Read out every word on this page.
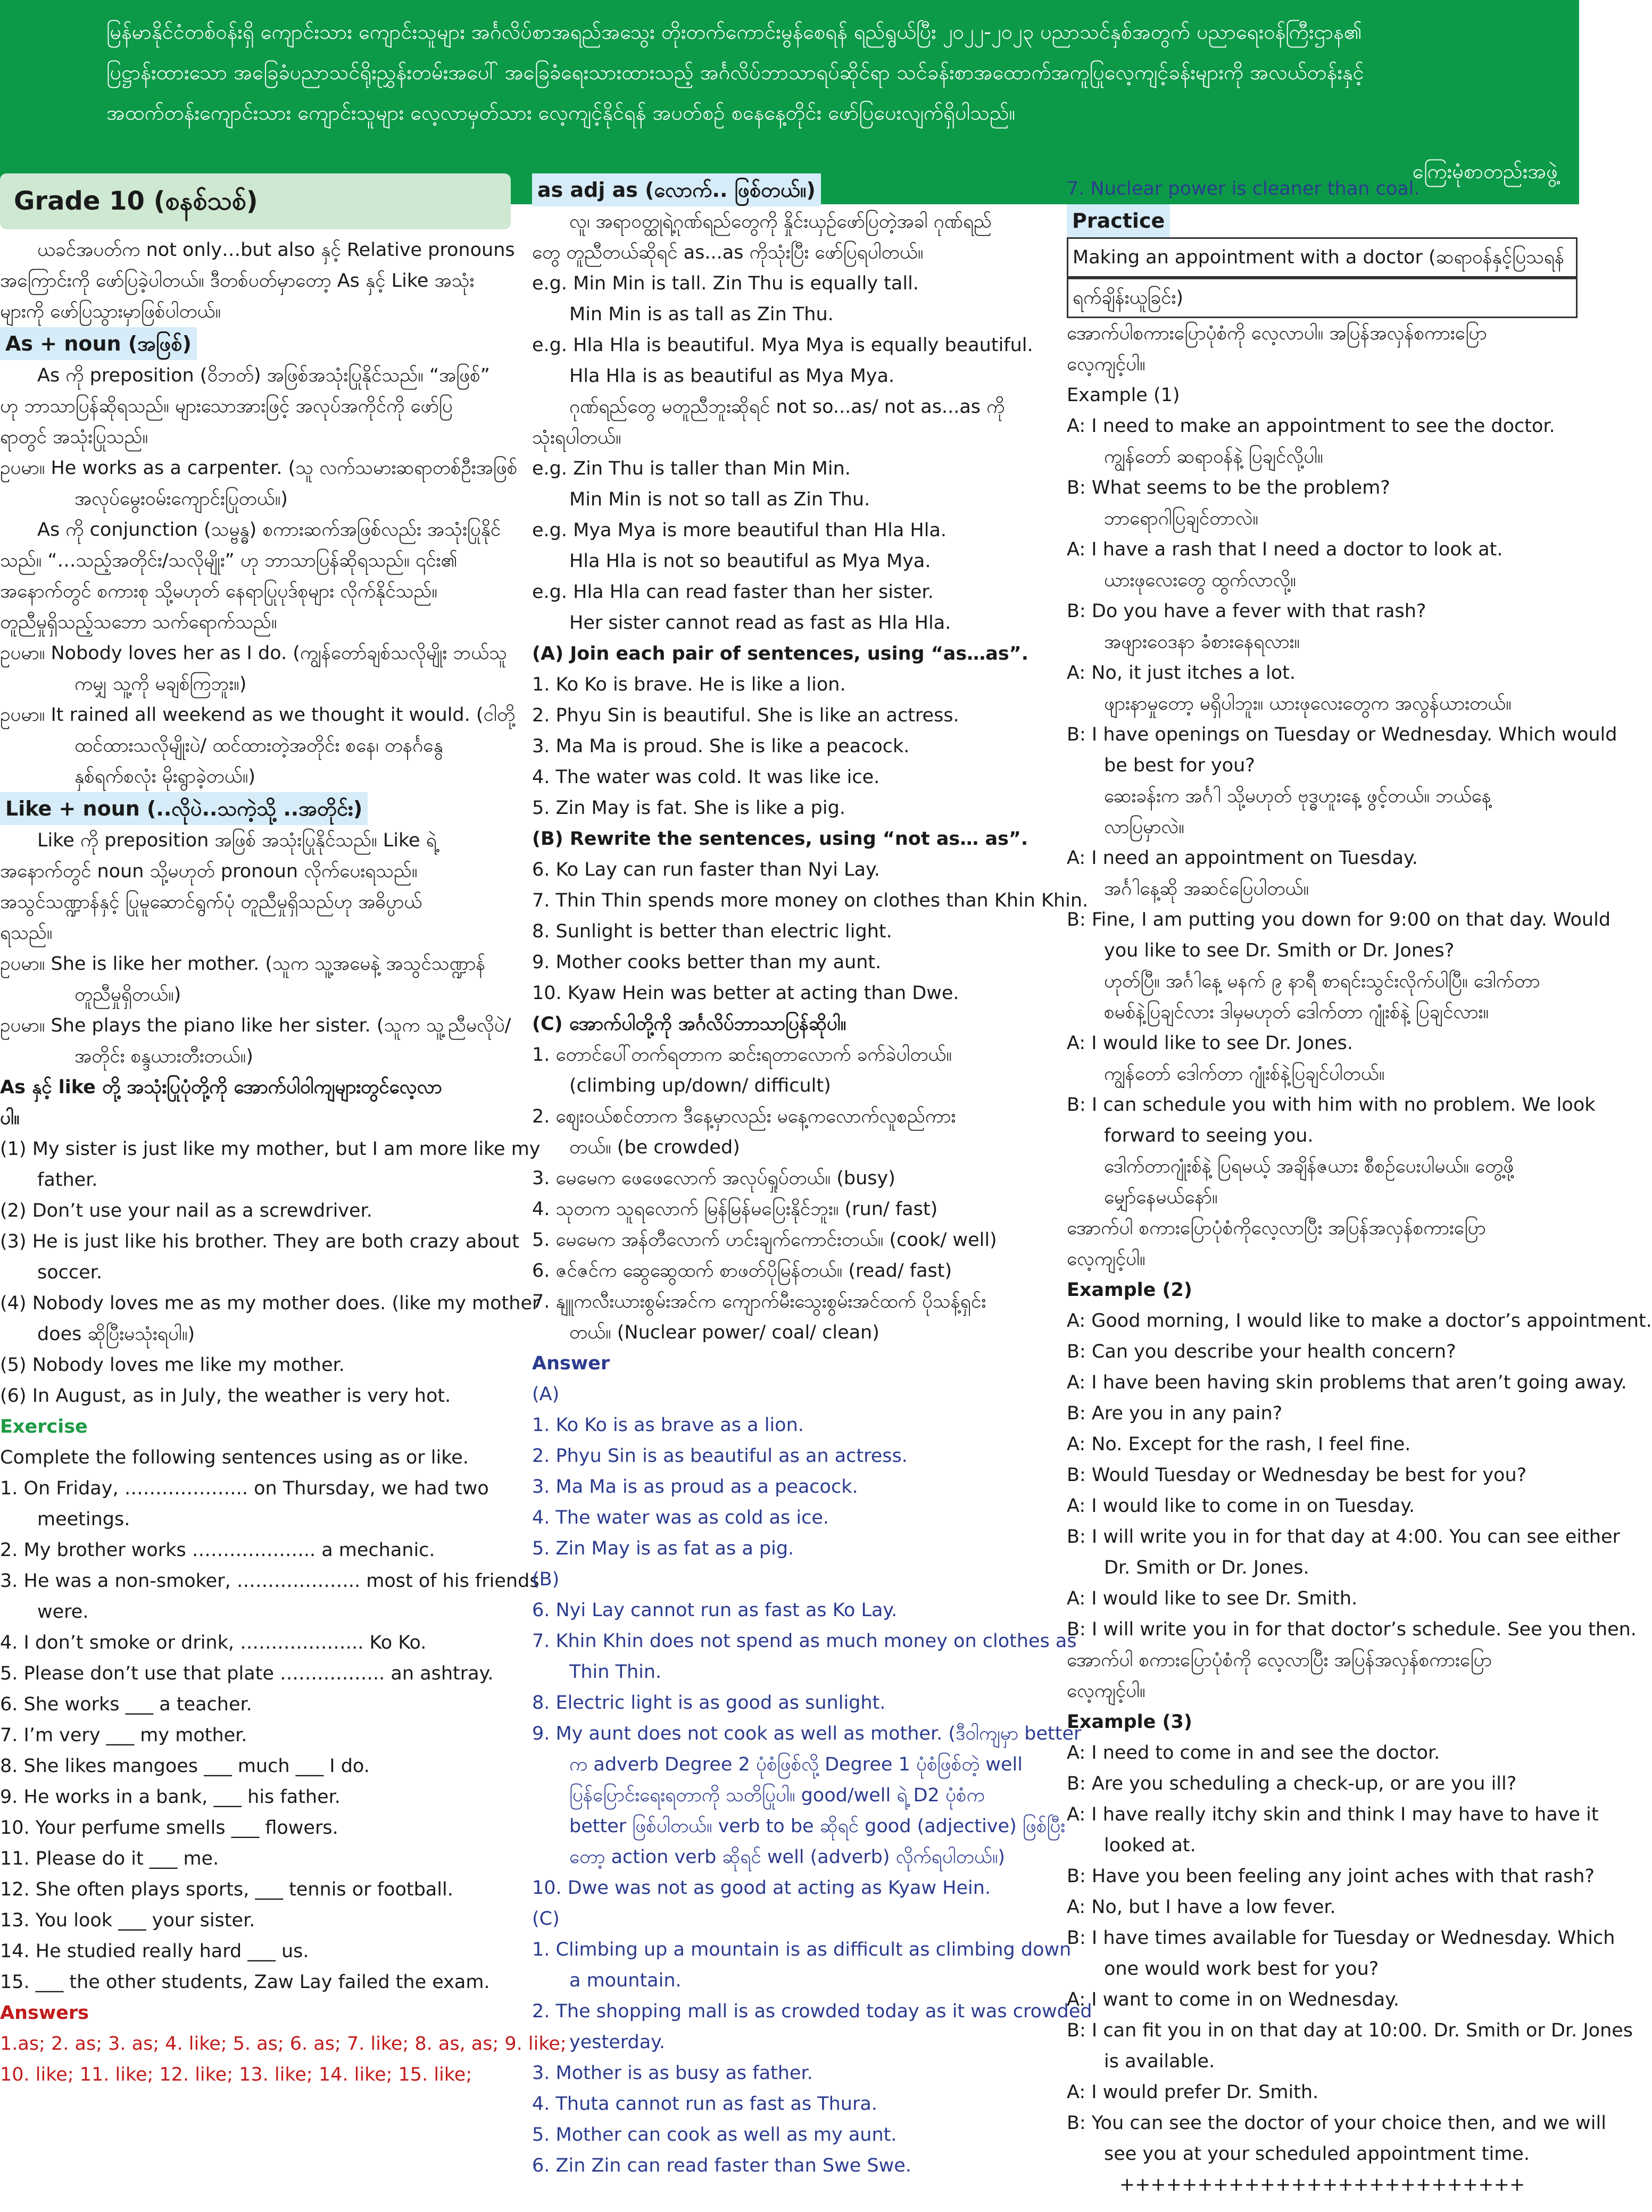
မြန်မာနိုင်ငံတစ်ဝန်းရှိ ကျောင်းသား ကျောင်းသူများ အင်္ဂလိပ်စာအရည်အသွေး တိုးတက်ကောင်းမွန်စေရန် ရည်ရွယ်ပြီး ၂၀၂၂-၂၀၂၃ ပညာသင်နှစ်အတွက် ပညာရေးဝန်ကြီးဌာန၏
ပြဋ္ဌာန်းထားသော အခြေခံပညာသင်ရိုးညွှန်းတမ်းအပေါ် အခြေခံရေးသားထားသည့် အင်္ဂလိပ်ဘာသာရပ်ဆိုင်ရာ သင်ခန်းစာအထောက်အကူပြုလေ့ကျင့်ခန်းများကို အလယ်တန်းနှင့်
အထက်တန်းကျောင်းသား ကျောင်းသူများ လေ့လာမှတ်သား လေ့ကျင့်နိုင်ရန် အပတ်စဉ် စနေနေ့တိုင်း ဖော်ပြပေးလျက်ရှိပါသည်။

ကြေးမုံစာတည်းအဖွဲ့
Grade 10 (စနစ်သစ်)
ယခင်အပတ်က not only…but also နှင့် Relative pronouns
အကြောင်းကို ဖော်ပြခဲ့ပါတယ်။ ဒီတစ်ပတ်မှာတော့ As နှင့် Like အသုံး
များကို ဖော်ပြသွားမှာဖြစ်ပါတယ်။
As + noun (အဖြစ်)
As ကို preposition (ဝိဘတ်) အဖြစ်အသုံးပြုနိုင်သည်။ “အဖြစ်”
ဟု ဘာသာပြန်ဆိုရသည်။ များသောအားဖြင့် အလုပ်အကိုင်ကို ဖော်ပြ
ရာတွင် အသုံးပြုသည်။
ဥပမာ။ He works as a carpenter. (သူ လက်သမားဆရာတစ်ဦးအဖြစ်
အလုပ်မွေးဝမ်းကျောင်းပြုတယ်။)
As ကို conjunction (သမ္ဗန္ဓ) စကားဆက်အဖြစ်လည်း အသုံးပြုနိုင်
သည်။ “…သည့်အတိုင်း/သလိုမျိုး” ဟု ဘာသာပြန်ဆိုရသည်။ ၎င်း၏
အနောက်တွင် စကားစု သို့မဟုတ် နေရာပြုပုဒ်စုများ လိုက်နိုင်သည်။
တူညီမှုရှိသည့်သဘော သက်ရောက်သည်။
ဥပမာ။ Nobody loves her as I do. (ကျွန်တော်ချစ်သလိုမျိုး ဘယ်သူ
ကမျှ သူ့ကို မချစ်ကြဘူး။)
ဥပမာ။ It rained all weekend as we thought it would. (ငါတို့
ထင်ထားသလိုမျိုးပဲ/ ထင်ထားတဲ့အတိုင်း စနေ၊ တနင်္ဂနွေ
နှစ်ရက်စလုံး မိုးရွာခဲ့တယ်။)
Like + noun (..လိုပဲ..သကဲ့သို့ ..အတိုင်း)
Like ကို preposition အဖြစ် အသုံးပြုနိုင်သည်။ Like ရဲ့
အနောက်တွင် noun သို့မဟုတ် pronoun လိုက်ပေးရသည်။
အသွင်သဏ္ဍာန်နှင့် ပြုမူဆောင်ရွက်ပုံ တူညီမှုရှိသည်ဟု အဓိပ္ပာယ်
ရသည်။
ဥပမာ။ She is like her mother. (သူက သူ့အမေနဲ့ အသွင်သဏ္ဍာန်
တူညီမှုရှိတယ်။)
ဥပမာ။ She plays the piano like her sister. (သူက သူ့ညီမလိုပဲ/
အတိုင်း စန္ဒယားတီးတယ်။)
As နှင့် like တို့ အသုံးပြုပုံတို့ကို အောက်ပါဝါကျများတွင်လေ့လာ
ပါ။
(1) My sister is just like my mother, but I am more like my
father.
(2) Don’t use your nail as a screwdriver.
(3) He is just like his brother. They are both crazy about
soccer.
(4) Nobody loves me as my mother does. (like my mother
does ဆိုပြီးမသုံးရပါ။)
(5) Nobody loves me like my mother.
(6) In August, as in July, the weather is very hot.
Exercise
Complete the following sentences using as or like.
1. On Friday, ……………….. on Thursday, we had two
meetings.
2. My brother works ……………….. a mechanic.
3. He was a non-smoker, ……………….. most of his friends
were.
4. I don’t smoke or drink, ……………….. Ko Ko.
5. Please don’t use that plate …………….. an ashtray.
6. She works ___ a teacher.
7. I’m very ___ my mother.
8. She likes mangoes ___ much ___ I do.
9. He works in a bank, ___ his father.
10. Your perfume smells ___ flowers.
11. Please do it ___ me.
12. She often plays sports, ___ tennis or football.
13. You look ___ your sister.
14. He studied really hard ___ us.
15. ___ the other students, Zaw Lay failed the exam.
Answers
1.as; 2. as; 3. as; 4. like; 5. as; 6. as; 7. like; 8. as, as; 9. like;
10. like; 11. like; 12. like; 13. like; 14. like; 15. like;
as adj as (လောက်.. ဖြစ်တယ်။)
လူ၊ အရာဝတ္ထုရဲ့ဂုဏ်ရည်တွေကို နှိုင်းယှဉ်ဖော်ပြတဲ့အခါ ဂုဏ်ရည်
တွေ တူညီတယ်ဆိုရင် as...as ကိုသုံးပြီး ဖော်ပြရပါတယ်။
e.g. Min Min is tall. Zin Thu is equally tall.
Min Min is as tall as Zin Thu.
e.g. Hla Hla is beautiful. Mya Mya is equally beautiful.
Hla Hla is as beautiful as Mya Mya.
ဂုဏ်ရည်တွေ မတူညီဘူးဆိုရင် not so...as/ not as...as ကို
သုံးရပါတယ်။
e.g. Zin Thu is taller than Min Min.
Min Min is not so tall as Zin Thu.
e.g. Mya Mya is more beautiful than Hla Hla.
Hla Hla is not so beautiful as Mya Mya.
e.g. Hla Hla can read faster than her sister.
Her sister cannot read as fast as Hla Hla.
(A) Join each pair of sentences, using “as…as”.
1. Ko Ko is brave. He is like a lion.
2. Phyu Sin is beautiful. She is like an actress.
3. Ma Ma is proud. She is like a peacock.
4. The water was cold. It was like ice.
5. Zin May is fat. She is like a pig.
(B) Rewrite the sentences, using “not as… as”.
6. Ko Lay can run faster than Nyi Lay.
7. Thin Thin spends more money on clothes than Khin Khin.
8. Sunlight is better than electric light.
9. Mother cooks better than my aunt.
10. Kyaw Hein was better at acting than Dwe.
(C) အောက်ပါတို့ကို အင်္ဂလိပ်ဘာသာပြန်ဆိုပါ။
1. တောင်ပေါ်တက်ရတာက ဆင်းရတာလောက် ခက်ခဲပါတယ်။
(climbing up/down/ difficult)
2. စျေးဝယ်စင်တာက ဒီနေ့မှာလည်း မနေ့ကလောက်လူစည်ကား
တယ်။ (be crowded)
3. မေမေက ဖေဖေလောက် အလုပ်ရှုပ်တယ်။ (busy)
4. သုတက သူရလောက် မြန်မြန်မပြေးနိုင်ဘူး။ (run/ fast)
5. မေမေက အန်တီလောက် ဟင်းချက်ကောင်းတယ်။ (cook/ well)
6. ဇင်ဇင်က ဆွေဆွေထက် စာဖတ်ပိုမြန်တယ်။ (read/ fast)
7. နျူကလီးယားစွမ်းအင်က ကျောက်မီးသွေးစွမ်းအင်ထက် ပိုသန့်ရှင်း
တယ်။ (Nuclear power/ coal/ clean)
Answer
(A)
1. Ko Ko is as brave as a lion.
2. Phyu Sin is as beautiful as an actress.
3. Ma Ma is as proud as a peacock.
4. The water was as cold as ice.
5. Zin May is as fat as a pig.
(B)
6. Nyi Lay cannot run as fast as Ko Lay.
7. Khin Khin does not spend as much money on clothes as
Thin Thin.
8. Electric light is as good as sunlight.
9. My aunt does not cook as well as mother. (ဒီဝါကျမှာ better
က adverb Degree 2 ပုံစံဖြစ်လို့ Degree 1 ပုံစံဖြစ်တဲ့ well
ပြန်ပြောင်းရေးရတာကို သတိပြုပါ။ good/well ရဲ့ D2 ပုံစံက
better ဖြစ်ပါတယ်။ verb to be ဆိုရင် good (adjective) ဖြစ်ပြီး
တော့ action verb ဆိုရင် well (adverb) လိုက်ရပါတယ်။)
10. Dwe was not as good at acting as Kyaw Hein.
(C)
1. Climbing up a mountain is as difficult as climbing down
a mountain.
2. The shopping mall is as crowded today as it was crowded
yesterday.
3. Mother is as busy as father.
4. Thuta cannot run as fast as Thura.
5. Mother can cook as well as my aunt.
6. Zin Zin can read faster than Swe Swe.
7. Nuclear power is cleaner than coal.
Practice
Making an appointment with a doctor (ဆရာဝန်နှင့်ပြသရန်
ရက်ချိန်းယူခြင်း)
အောက်ပါစကားပြောပုံစံကို လေ့လာပါ။ အပြန်အလှန်စကားပြော
လေ့ကျင့်ပါ။
Example (1)
A: I need to make an appointment to see the doctor.
ကျွန်တော် ဆရာဝန်နဲ့ ပြချင်လို့ပါ။
B: What seems to be the problem?
ဘာရောဂါပြချင်တာလဲ။
A: I have a rash that I need a doctor to look at.
ယားဖုလေးတွေ ထွက်လာလို့။
B: Do you have a fever with that rash?
အဖျားဝေဒနာ ခံစားနေရလား။
A: No, it just itches a lot.
ဖျားနာမှုတော့ မရှိပါဘူး။ ယားဖုလေးတွေက အလွန်ယားတယ်။
B: I have openings on Tuesday or Wednesday. Which would
be best for you?
ဆေးခန်းက အင်္ဂါ သို့မဟုတ် ဗုဒ္ဓဟူးနေ့ ဖွင့်တယ်။ ဘယ်နေ့
လာပြမှာလဲ။
A: I need an appointment on Tuesday.
အင်္ဂါနေ့ဆို အဆင်ပြေပါတယ်။
B: Fine, I am putting you down for 9:00 on that day. Would
you like to see Dr. Smith or Dr. Jones?
ဟုတ်ပြီ။ အင်္ဂါနေ့ မနက် ၉ နာရီ စာရင်းသွင်းလိုက်ပါပြီ။ ဒေါက်တာ
စမစ်နဲ့ပြချင်လား ဒါမှမဟုတ် ဒေါက်တာ ဂျုံးစ်နဲ့ ပြချင်လား။
A: I would like to see Dr. Jones.
ကျွန်တော် ဒေါက်တာ ဂျုံးစ်နဲ့ပြချင်ပါတယ်။
B: I can schedule you with him with no problem. We look
forward to seeing you.
ဒေါက်တာဂျုံးစ်နဲ့ ပြရမယ့် အချိန်ဇယား စီစဉ်ပေးပါမယ်။ တွေ့ဖို့
မျှော်နေမယ်နော်။
အောက်ပါ စကားပြောပုံစံကိုလေ့လာပြီး အပြန်အလှန်စကားပြော
လေ့ကျင့်ပါ။
Example (2)
A: Good morning, I would like to make a doctor’s appointment.
B: Can you describe your health concern?
A: I have been having skin problems that aren’t going away.
B: Are you in any pain?
A: No. Except for the rash, I feel fine.
B: Would Tuesday or Wednesday be best for you?
A: I would like to come in on Tuesday.
B: I will write you in for that day at 4:00. You can see either
Dr. Smith or Dr. Jones.
A: I would like to see Dr. Smith.
B: I will write you in for that doctor’s schedule. See you then.
အောက်ပါ စကားပြောပုံစံကို လေ့လာပြီး အပြန်အလှန်စကားပြော
လေ့ကျင့်ပါ။
Example (3)
A: I need to come in and see the doctor.
B: Are you scheduling a check-up, or are you ill?
A: I have really itchy skin and think I may have to have it
looked at.
B: Have you been feeling any joint aches with that rash?
A: No, but I have a low fever.
B: I have times available for Tuesday or Wednesday. Which
one would work best for you?
A: I want to come in on Wednesday.
B: I can fit you in on that day at 10:00. Dr. Smith or Dr. Jones
is available.
A: I would prefer Dr. Smith.
B: You can see the doctor of your choice then, and we will
see you at your scheduled appointment time.
++++++++++++++++++++++++++
